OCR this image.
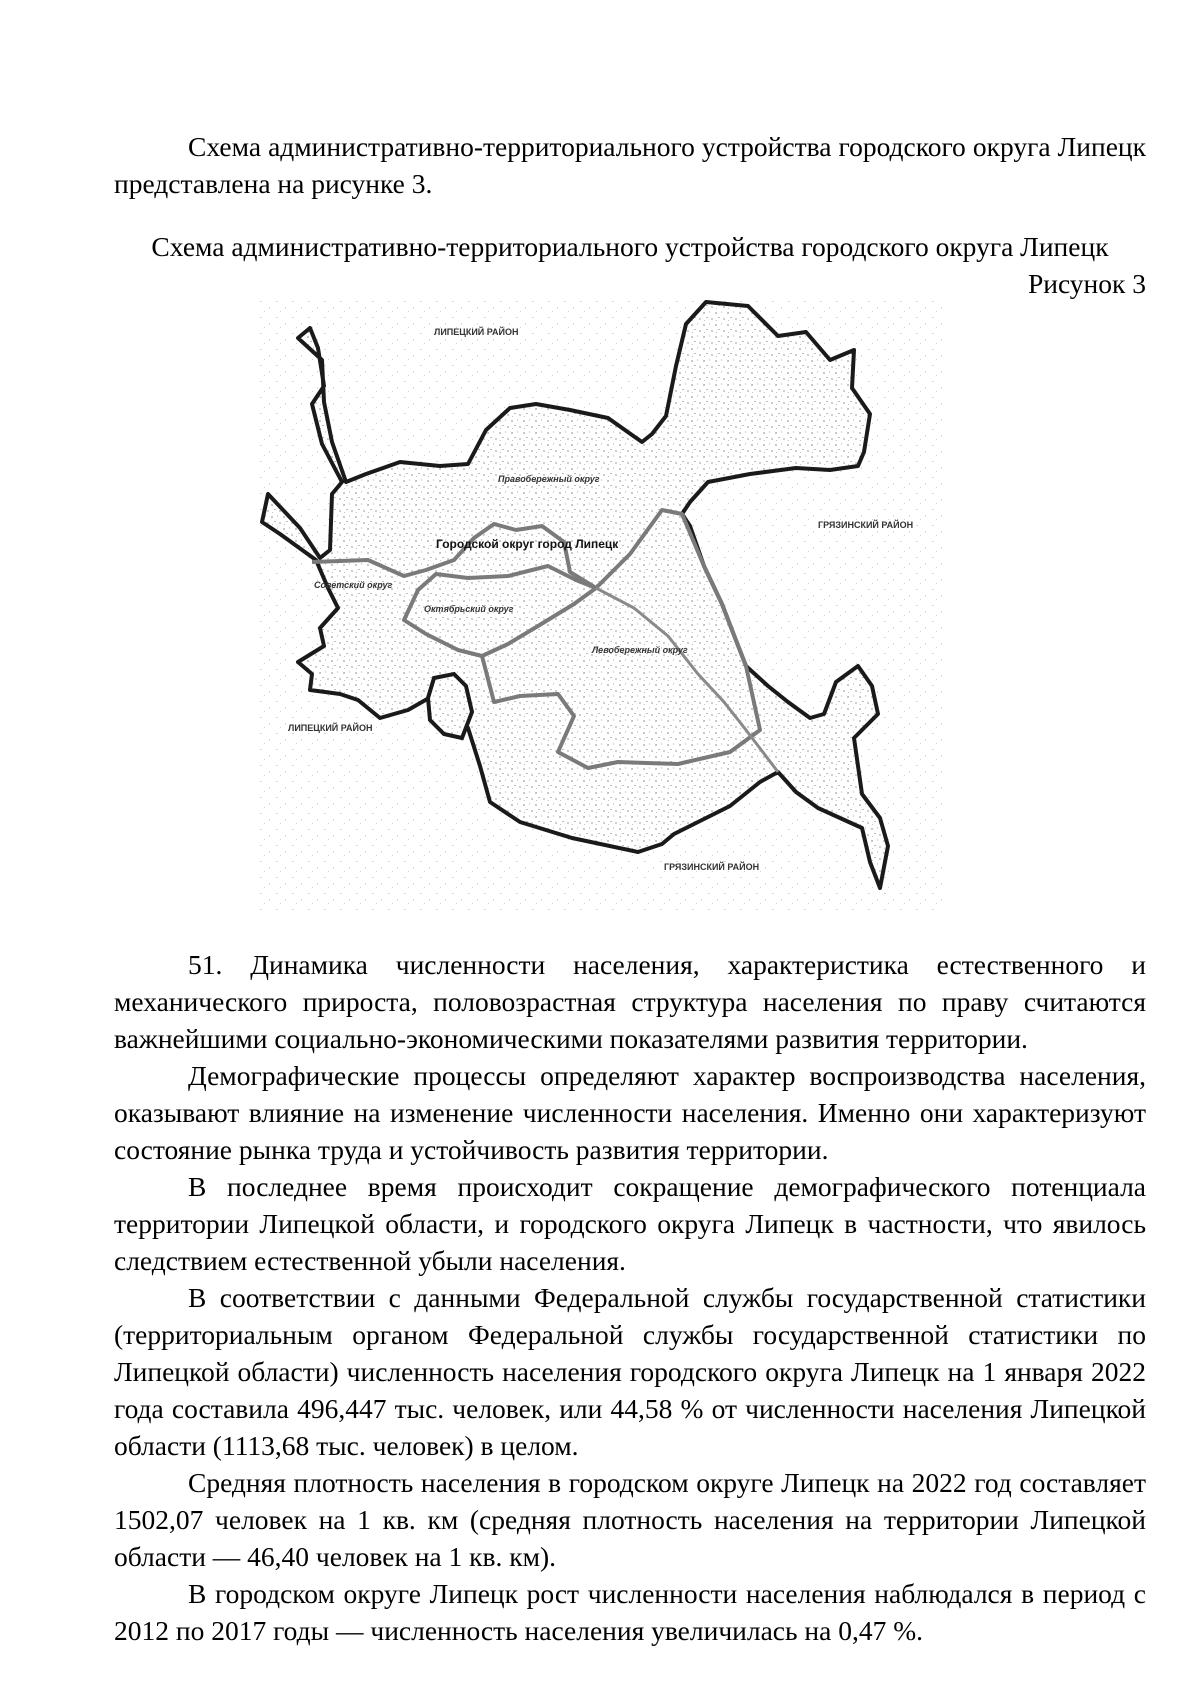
Схема административно-территориального устройства городского округа Липецк представлена на рисунке 3.

Схема административно-территориального устройства городского округа Липецк

Рисунок 3

ЛИПЕЦКИЙ РАЙОН
Правобережный округ
ГРЯЗИНСКИЙ РАЙОН
Городской округ город Липецк
Советский округ
Октябрьский округ
Левобережный округ
ЛИПЕЦКИЙ РАЙОН
ГРЯЗИНСКИЙ РАЙОН

51. Динамика численности населения, характеристика естественного и механического прироста, половозрастная структура населения по праву считаются важнейшими социально-экономическими показателями развития территории.

Демографические процессы определяют характер воспроизводства населения, оказывают влияние на изменение численности населения. Именно они характеризуют состояние рынка труда и устойчивость развития территории.

В последнее время происходит сокращение демографического потенциала территории Липецкой области, и городского округа Липецк в частности, что явилось следствием естественной убыли населения.

В соответствии с данными Федеральной службы государственной статистики (территориальным органом Федеральной службы государственной статистики по Липецкой области) численность населения городского округа Липецк на 1 января 2022 года составила 496,447 тыс. человек, или 44,58 % от численности населения Липецкой области (1113,68 тыс. человек) в целом.

Средняя плотность населения в городском округе Липецк на 2022 год составляет 1502,07 человек на 1 кв. км (средняя плотность населения на территории Липецкой области — 46,40 человек на 1 кв. км).

В городском округе Липецк рост численности населения наблюдался в период с 2012 по 2017 годы — численность населения увеличилась на 0,47 %.
